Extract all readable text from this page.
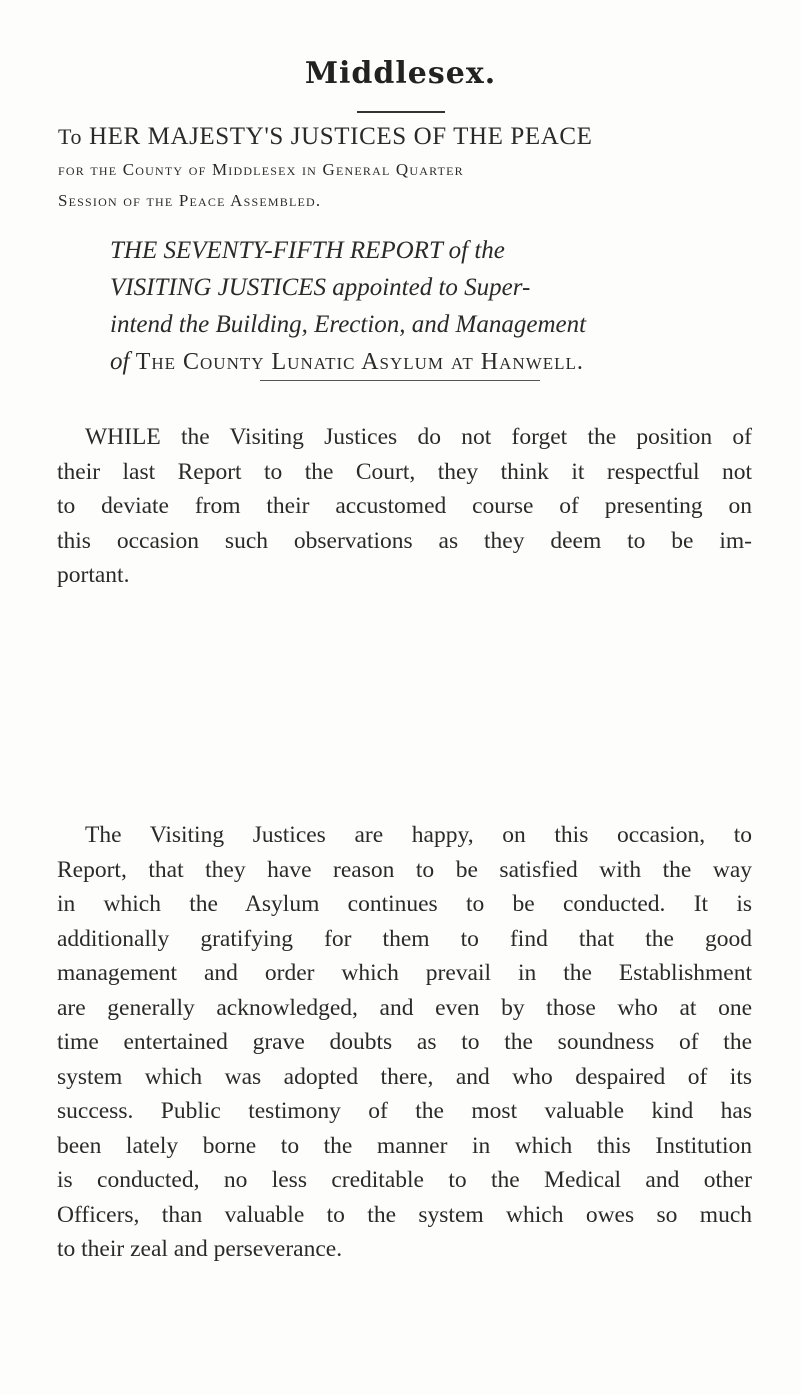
Middlesex.
To HER MAJESTY'S JUSTICES OF THE PEACE
for the County of Middlesex in General Quarter
Session of the Peace Assembled.
THE SEVENTY-FIFTH REPORT of the
VISITING JUSTICES appointed to Super-
intend the Building, Erection, and Management
of The County Lunatic Asylum at Hanwell.
WHILE the Visiting Justices do not forget the position of
their last Report to the Court, they think it respectful not
to deviate from their accustomed course of presenting on
this occasion such observations as they deem to be im-
portant.
The Visiting Justices are happy, on this occasion, to
Report, that they have reason to be satisfied with the way
in which the Asylum continues to be conducted. It is
additionally gratifying for them to find that the good
management and order which prevail in the Establishment
are generally acknowledged, and even by those who at one
time entertained grave doubts as to the soundness of the
system which was adopted there, and who despaired of its
success. Public testimony of the most valuable kind has
been lately borne to the manner in which this Institution
is conducted, no less creditable to the Medical and other
Officers, than valuable to the system which owes so much
to their zeal and perseverance.
